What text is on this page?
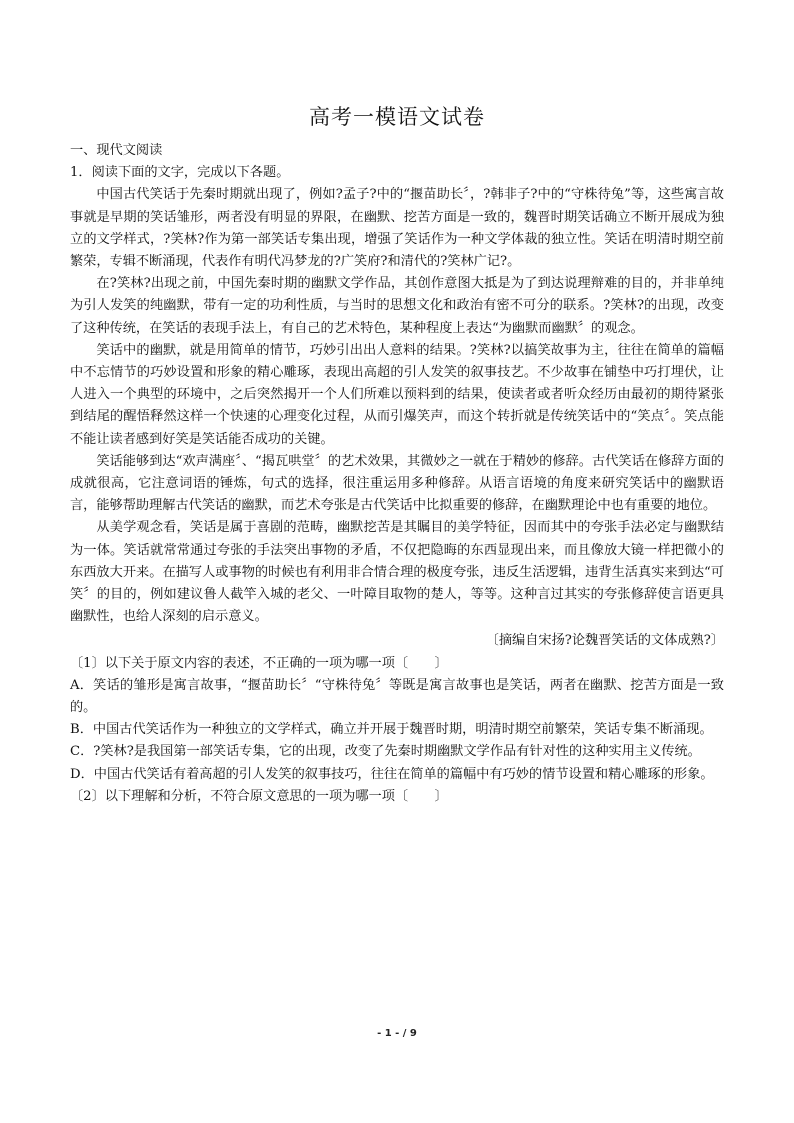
高考一模语文试卷

一、现代文阅读

1．阅读下面的文字，完成以下各题。

中国古代笑话于先秦时期就出现了，例如?孟子?中的“揠苗助长〞，?韩非子?中的“守株待兔”等，这些寓言故事就是早期的笑话雏形，两者没有明显的界限，在幽默、挖苦方面是一致的，魏晋时期笑话确立不断开展成为独立的文学样式，?笑林?作为第一部笑话专集出现，增强了笑话作为一种文学体裁的独立性。笑话在明清时期空前繁荣，专辑不断涌现，代表作有明代冯梦龙的?广笑府?和清代的?笑林广记?。

在?笑林?出现之前，中国先秦时期的幽默文学作品，其创作意图大抵是为了到达说理辩难的目的，并非单纯为引人发笑的纯幽默，带有一定的功利性质，与当时的思想文化和政治有密不可分的联系。?笑林?的出现，改变了这种传统，在笑话的表现手法上，有自己的艺术特色，某种程度上表达“为幽默而幽默〞的观念。

笑话中的幽默，就是用简单的情节，巧妙引出出人意料的结果。?笑林?以搞笑故事为主，往往在简单的篇幅中不忘情节的巧妙设置和形象的精心雕琢，表现出高超的引人发笑的叙事技艺。不少故事在铺垫中巧打埋伏，让人进入一个典型的环境中，之后突然揭开一个人们所难以预料到的结果，使读者或者听众经历由最初的期待紧张到结尾的醒悟释然这样一个快速的心理变化过程，从而引爆笑声，而这个转折就是传统笑话中的“笑点〞。笑点能不能让读者感到好笑是笑话能否成功的关键。

笑话能够到达“欢声满座〞、“揭瓦哄堂〞的艺术效果，其微妙之一就在于精妙的修辞。古代笑话在修辞方面的成就很高，它注意词语的锤炼，句式的选择，很注重运用多种修辞。从语言语境的角度来研究笑话中的幽默语言，能够帮助理解古代笑话的幽默，而艺术夸张是古代笑话中比拟重要的修辞，在幽默理论中也有重要的地位。

从美学观念看，笑话是属于喜剧的范畴，幽默挖苦是其瞩目的美学特征，因而其中的夸张手法必定与幽默结为一体。笑话就常常通过夸张的手法突出事物的矛盾，不仅把隐晦的东西显现出来，而且像放大镜一样把微小的东西放大开来。在描写人或事物的时候也有利用非合情合理的极度夸张，违反生活逻辑，违背生活真实来到达“可笑〞的目的，例如建议鲁人截竿入城的老父、一叶障目取物的楚人，等等。这种言过其实的夸张修辞使言语更具幽默性，也给人深刻的启示意义。

〔摘编自宋扬?论魏晋笑话的文体成熟?〕

〔1〕以下关于原文内容的表述，不正确的一项为哪一项〔　　〕

A．笑话的雏形是寓言故事，“揠苗助长〞“守株待兔〞等既是寓言故事也是笑话，两者在幽默、挖苦方面是一致的。

B．中国古代笑话作为一种独立的文学样式，确立并开展于魏晋时期，明清时期空前繁荣，笑话专集不断涌现。

C．?笑林?是我国第一部笑话专集，它的出现，改变了先秦时期幽默文学作品有针对性的这种实用主义传统。

D．中国古代笑话有着高超的引人发笑的叙事技巧，往往在简单的篇幅中有巧妙的情节设置和精心雕琢的形象。

〔2〕以下理解和分析，不符合原文意思的一项为哪一项〔　　〕

- 1 - / 9
